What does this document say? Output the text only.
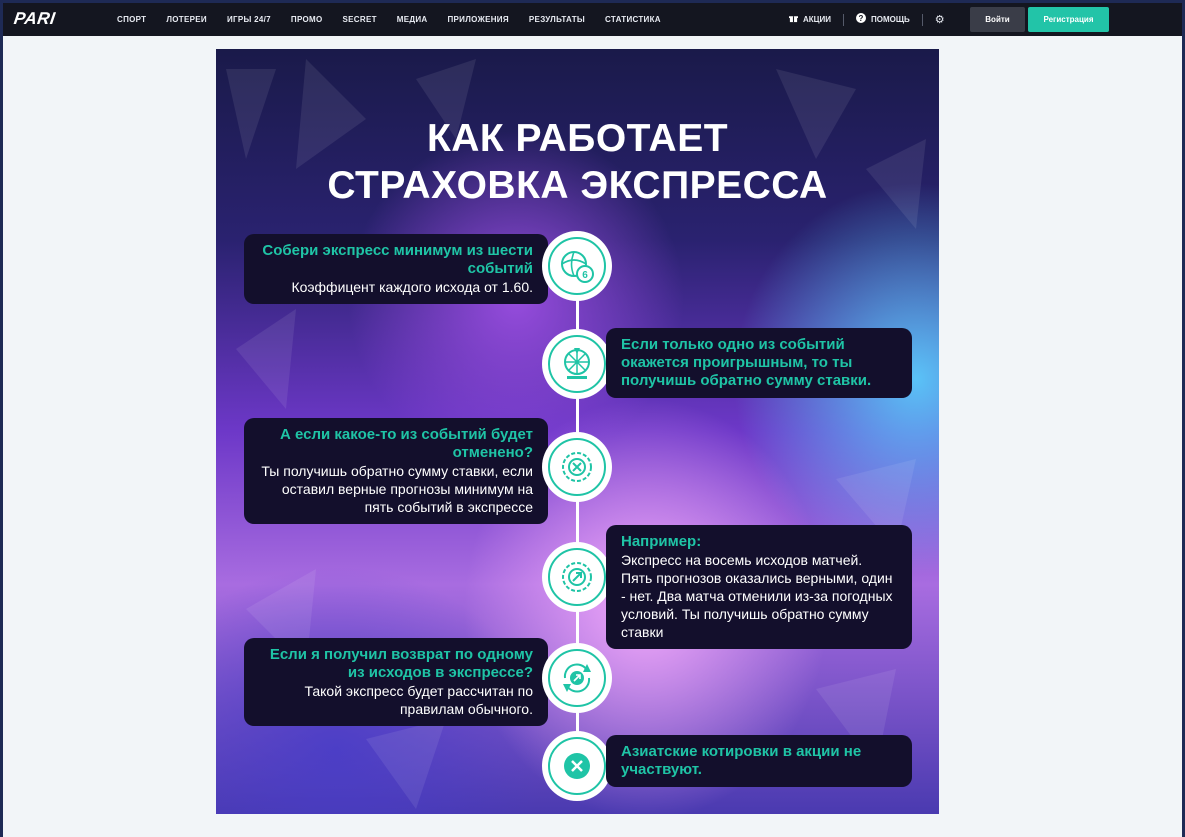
PARI	СПОРТ	ЛОТЕРЕИ	ИГРЫ 24/7	ПРОМО	SECRET	МЕДИА	ПРИЛОЖЕНИЯ	РЕЗУЛЬТАТЫ	СТАТИСТИКА	АКЦИИ	? ПОМОЩЬ ⚙	Войти	Регистрация
КАК РАБОТАЕТ
СТРАХОВКА ЭКСПРЕССА
Собери экспресс минимум из шести событий
Коэффицент каждого исхода от 1.60.
6
Если только одно из событий окажется проигрышным, то ты получишь обратно сумму ставки.
А если какое-то из событий будет отменено?
Ты получишь обратно сумму ставки, если оставил верные прогнозы минимум на пять событий в экспрессе
Например:
Экспресс на восемь исходов матчей. Пять прогнозов оказались верными, один - нет. Два матча отменили из-за погодных условий. Ты получишь обратно сумму ставки
Если я получил возврат по одному из исходов в экспрессе?
Такой экспресс будет рассчитан по правилам обычного.
Азиатские котировки в акции не участвуют.
